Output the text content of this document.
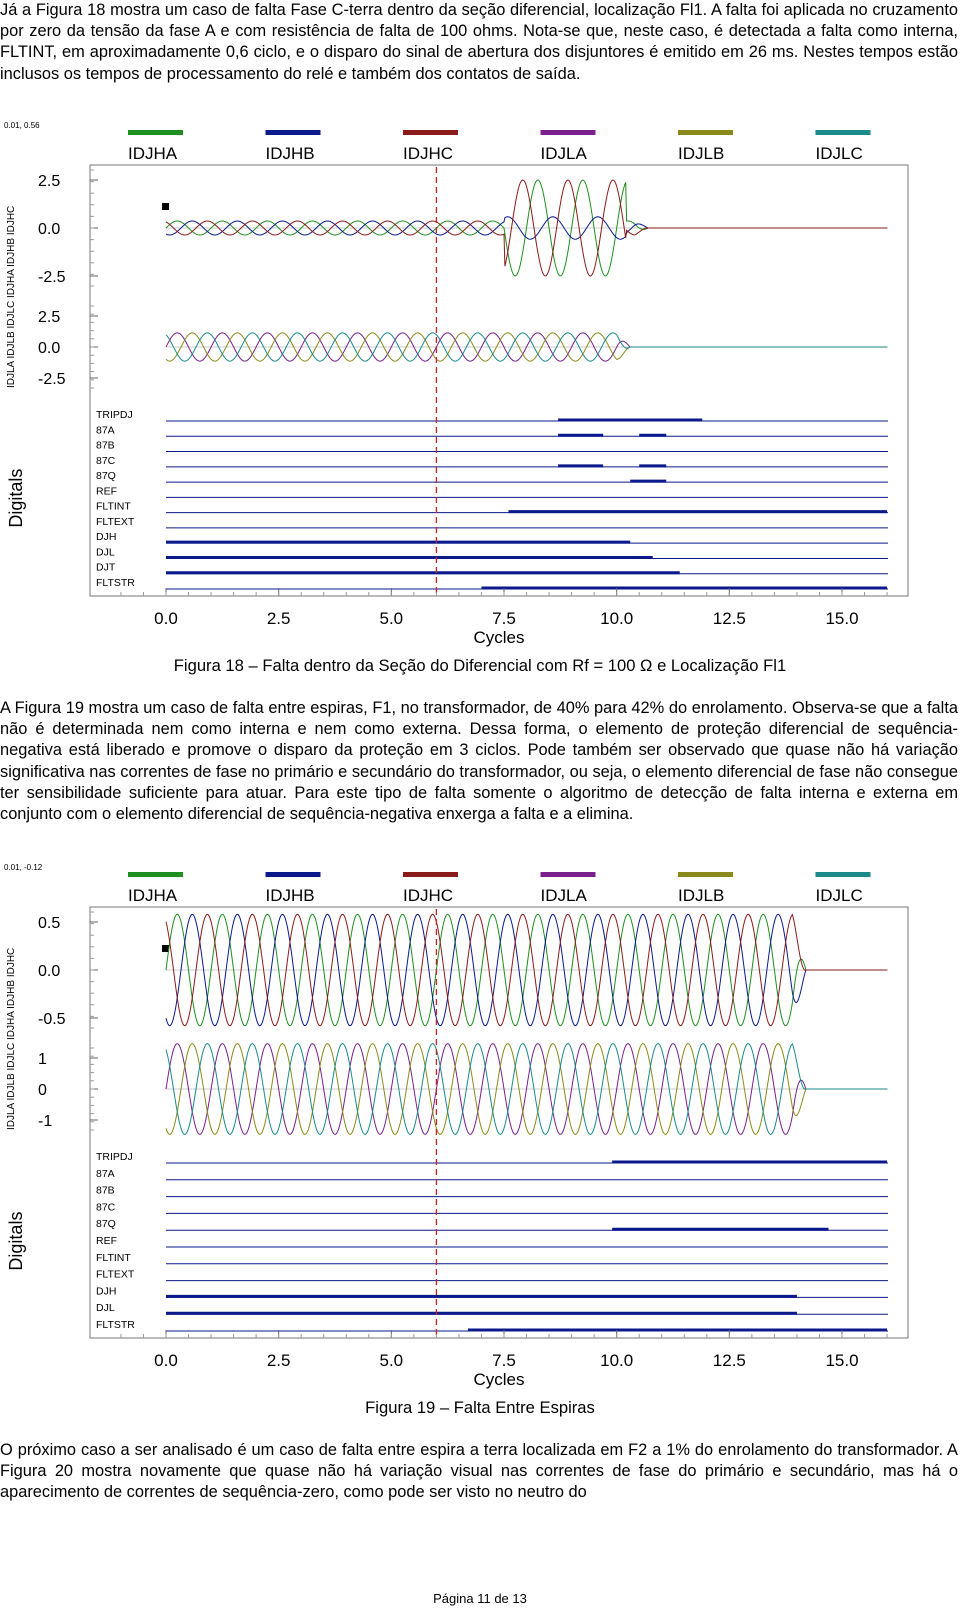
Já a Figura 18 mostra um caso de falta Fase C-terra dentro da seção diferencial, localização Fl1. A falta foi aplicada no cruzamento por zero da tensão da fase A e com resistência de falta de 100 ohms. Nota-se que, neste caso, é detectada a falta como interna, FLTINT, em aproximadamente 0,6 ciclo, e o disparo do sinal de abertura dos disjuntores é emitido em 26 ms. Nestes tempos estão inclusos os tempos de processamento do relé e também dos contatos de saída.

0.01, 0.56
IDJHA	IDJHB	IDJHC	IDJLA	IDJLB	IDJLC
2.5
0.0
-2.5
2.5
0.0
-2.5
IDJLA IDJLB IDJLC IDJHA IDJHB IDJHC
Digitals
TRIPDJ
87A
87B
87C
87Q
REF
FLTINT
FLTEXT
DJH
DJL
DJT
FLTSTR
0.0	2.5	5.0	7.5	10.0	12.5	15.0
Cycles
Figura 18 – Falta dentro da Seção do Diferencial com Rf = 100 Ω e Localização Fl1

A Figura 19 mostra um caso de falta entre espiras, F1, no transformador, de 40% para 42% do enrolamento. Observa-se que a falta não é determinada nem como interna e nem como externa. Dessa forma, o elemento de proteção diferencial de sequência-negativa está liberado e promove o disparo da proteção em 3 ciclos. Pode também ser observado que quase não há variação significativa nas correntes de fase no primário e secundário do transformador, ou seja, o elemento diferencial de fase não consegue ter sensibilidade suficiente para atuar. Para este tipo de falta somente o algoritmo de detecção de falta interna e externa em conjunto com o elemento diferencial de sequência-negativa enxerga a falta e a elimina.

0.01, -0.12
IDJHA	IDJHB	IDJHC	IDJLA	IDJLB	IDJLC
0.5
0.0
-0.5
1
0
-1
IDJLA IDJLB IDJLC IDJHA IDJHB IDJHC
Digitals
TRIPDJ
87A
87B
87C
87Q
REF
FLTINT
FLTEXT
DJH
DJL
FLTSTR
0.0	2.5	5.0	7.5	10.0	12.5	15.0
Cycles
Figura 19 – Falta Entre Espiras

O próximo caso a ser analisado é um caso de falta entre espira a terra localizada em F2 a 1% do enrolamento do transformador. A Figura 20 mostra novamente que quase não há variação visual nas correntes de fase do primário e secundário, mas há o aparecimento de correntes de sequência-zero, como pode ser visto no neutro do

Página 11 de 13
